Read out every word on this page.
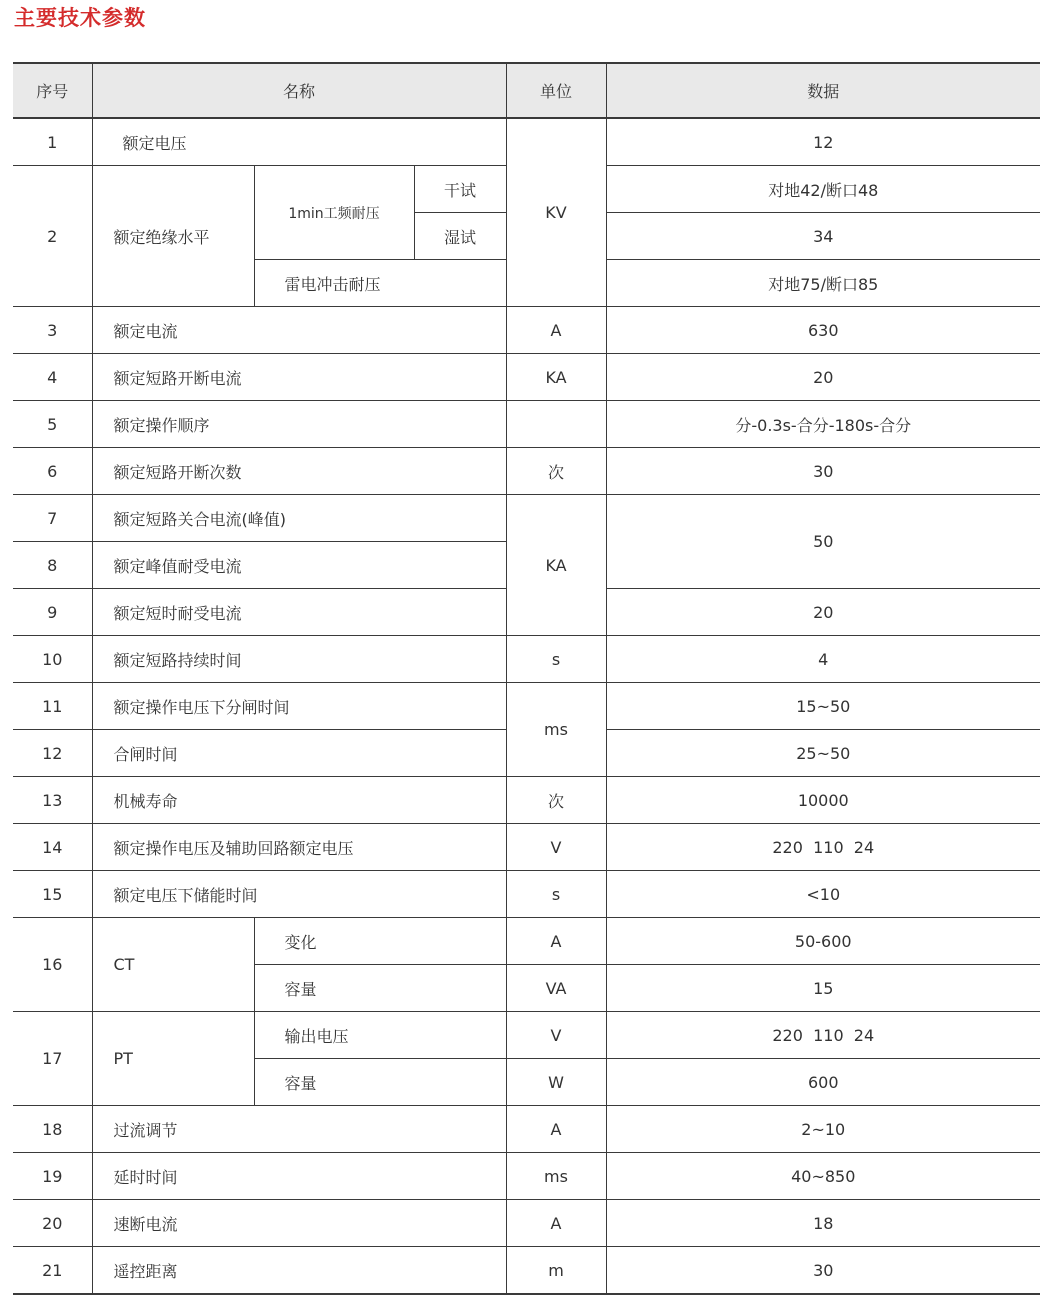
主要技术参数
序号	名称			单位	数据
1	额定电压			KV	12
2	额定绝缘水平	1min工频耐压	干试		对地42/断口48
			湿试		34
		雷电冲击耐压			对地75/断口85
3	额定电流			A	630
4	额定短路开断电流			KA	20
5	额定操作顺序				分-0.3s-合分-180s-合分
6	额定短路开断次数			次	30
7	额定短路关合电流(峰值)			KA	50
8	额定峰值耐受电流				
9	额定短时耐受电流				20
10	额定短路持续时间			s	4
11	额定操作电压下分闸时间			ms	15~50
12	合闸时间				25~50
13	机械寿命			次	10000
14	额定操作电压及辅助回路额定电压			V	220  110  24
15	额定电压下储能时间			s	<10
16	CT	变化		A	50-600
		容量		VA	15
17	PT	输出电压		V	220  110  24
		容量		W	600
18	过流调节			A	2~10
19	延时时间			ms	40~850
20	速断电流			A	18
21	遥控距离			m	30
